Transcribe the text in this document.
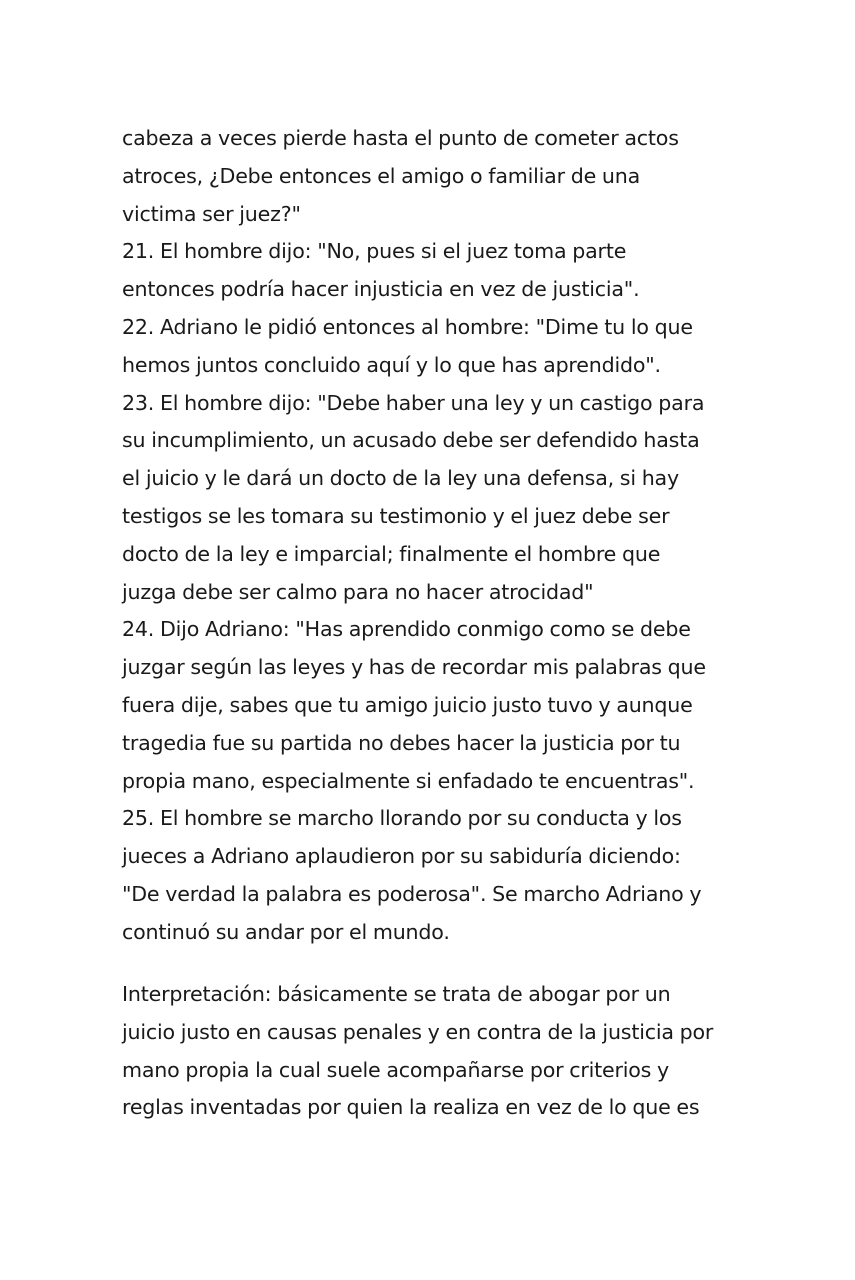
cabeza a veces pierde hasta el punto de cometer actos
atroces, ¿Debe entonces el amigo o familiar de una
victima ser juez?"
21. El hombre dijo: "No, pues si el juez toma parte
entonces podría hacer injusticia en vez de justicia".
22. Adriano le pidió entonces al hombre: "Dime tu lo que
hemos juntos concluido aquí y lo que has aprendido".
23. El hombre dijo: "Debe haber una ley y un castigo para
su incumplimiento, un acusado debe ser defendido hasta
el juicio y le dará un docto de la ley una defensa, si hay
testigos se les tomara su testimonio y el juez debe ser
docto de la ley e imparcial; finalmente el hombre que
juzga debe ser calmo para no hacer atrocidad"
24. Dijo Adriano: "Has aprendido conmigo como se debe
juzgar según las leyes y has de recordar mis palabras que
fuera dije, sabes que tu amigo juicio justo tuvo y aunque
tragedia fue su partida no debes hacer la justicia por tu
propia mano, especialmente si enfadado te encuentras".
25. El hombre se marcho llorando por su conducta y los
jueces a Adriano aplaudieron por su sabiduría diciendo:
"De verdad la palabra es poderosa". Se marcho Adriano y
continuó su andar por el mundo.
Interpretación: básicamente se trata de abogar por un
juicio justo en causas penales y en contra de la justicia por
mano propia la cual suele acompañarse por criterios y
reglas inventadas por quien la realiza en vez de lo que es
